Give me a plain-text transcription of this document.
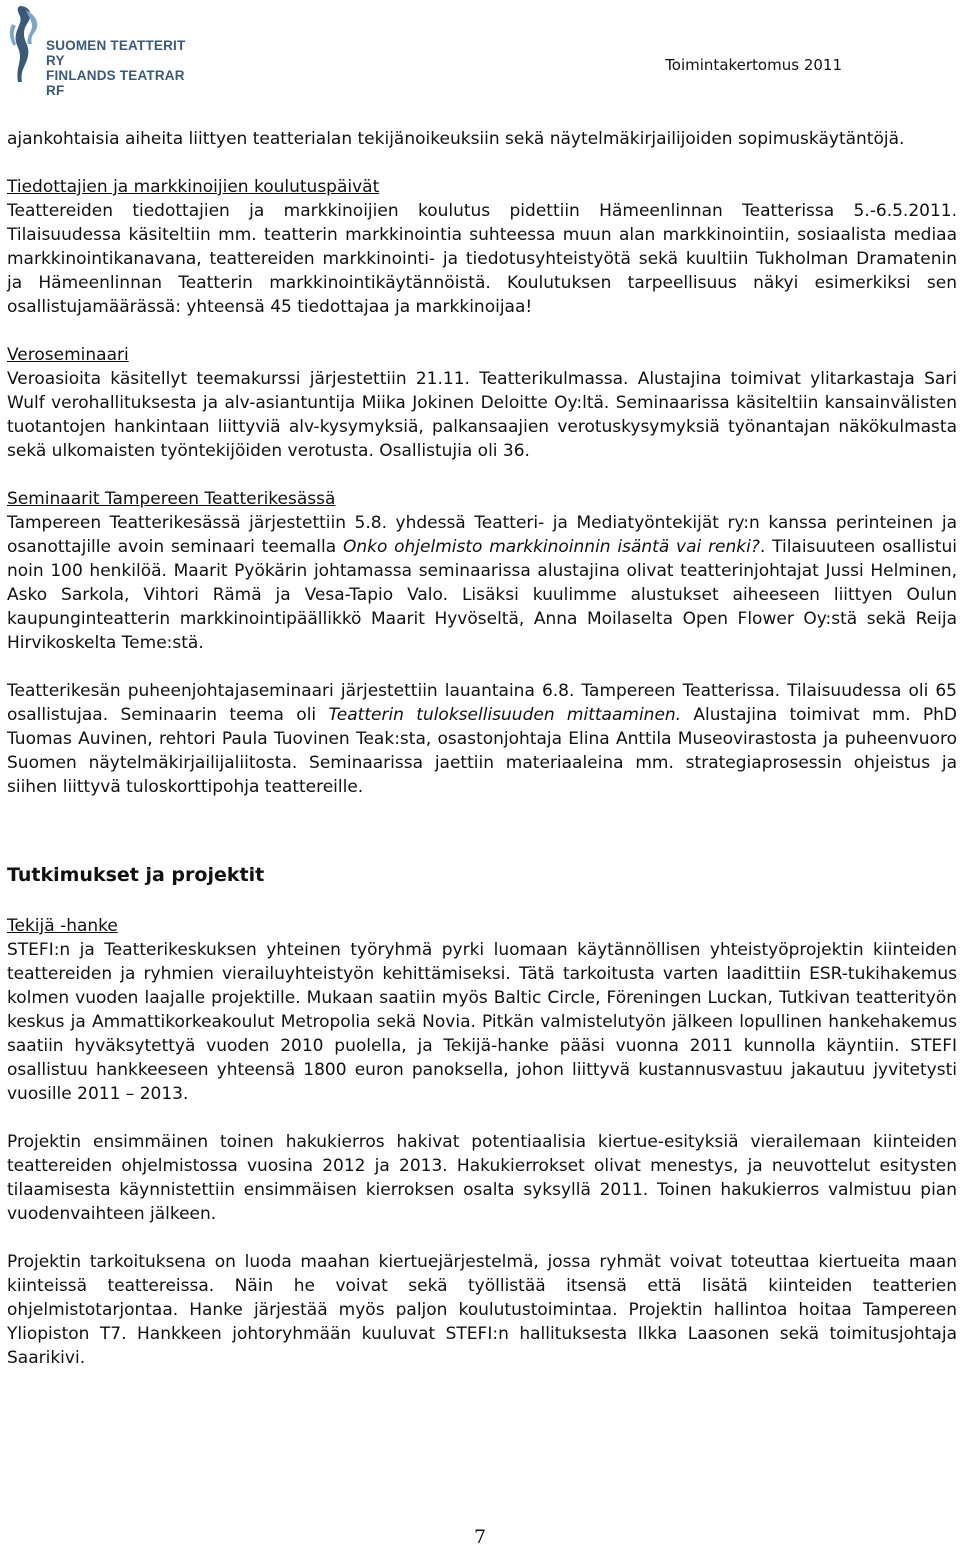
SUOMEN TEATTERIT RY
FINLANDS TEATRAR RF
Toimintakertomus 2011

ajankohtaisia aiheita liittyen teatterialan tekijänoikeuksiin sekä näytelmäkirjailijoiden sopimuskäytäntöjä.

Tiedottajien ja markkinoijien koulutuspäivät

Teattereiden tiedottajien ja markkinoijien koulutus pidettiin Hämeenlinnan Teatterissa 5.-6.5.2011. Tilaisuudessa käsiteltiin mm. teatterin markkinointia suhteessa muun alan markkinointiin, sosiaalista mediaa markkinointikanavana, teattereiden markkinointi- ja tiedotusyhteistyötä sekä kuultiin Tukholman Dramatenin ja Hämeenlinnan Teatterin markkinointikäytännöistä. Koulutuksen tarpeellisuus näkyi esimerkiksi sen osallistujamäärässä: yhteensä 45 tiedottajaa ja markkinoijaa!

Veroseminaari

Veroasioita käsitellyt teemakurssi järjestettiin 21.11. Teatterikulmassa. Alustajina toimivat ylitarkastaja Sari Wulf verohallituksesta ja alv-asiantuntija Miika Jokinen Deloitte Oy:ltä. Seminaarissa käsiteltiin kansainvälisten tuotantojen hankintaan liittyviä alv-kysymyksiä, palkansaajien verotuskysymyksiä työnantajan näkökulmasta sekä ulkomaisten työntekijöiden verotusta. Osallistujia oli 36.

Seminaarit Tampereen Teatterikesässä

Tampereen Teatterikesässä järjestettiin 5.8. yhdessä Teatteri- ja Mediatyöntekijät ry:n kanssa perinteinen ja osanottajille avoin seminaari teemalla Onko ohjelmisto markkinoinnin isäntä vai renki?. Tilaisuuteen osallistui noin 100 henkilöä. Maarit Pyökärin johtamassa seminaarissa alustajina olivat teatterinjohtajat Jussi Helminen, Asko Sarkola, Vihtori Rämä ja Vesa-Tapio Valo. Lisäksi kuulimme alustukset aiheeseen liittyen Oulun kaupunginteatterin markkinointipäällikkö Maarit Hyvöseltä, Anna Moilaselta Open Flower Oy:stä sekä Reija Hirvikoskelta Teme:stä.

Teatterikesän puheenjohtajaseminaari järjestettiin lauantaina 6.8. Tampereen Teatterissa. Tilaisuudessa oli 65 osallistujaa. Seminaarin teema oli Teatterin tuloksellisuuden mittaaminen. Alustajina toimivat mm. PhD Tuomas Auvinen, rehtori Paula Tuovinen Teak:sta, osastonjohtaja Elina Anttila Museovirastosta ja puheenvuoro Suomen näytelmäkirjailijaliitosta. Seminaarissa jaettiin materiaaleina mm. strategiaprosessin ohjeistus ja siihen liittyvä tuloskorttipohja teattereille.

Tutkimukset ja projektit

Tekijä -hanke

STEFI:n ja Teatterikeskuksen yhteinen työryhmä pyrki luomaan käytännöllisen yhteistyöprojektin kiinteiden teattereiden ja ryhmien vierailuyhteistyön kehittämiseksi. Tätä tarkoitusta varten laadittiin ESR-tukihakemus kolmen vuoden laajalle projektille. Mukaan saatiin myös Baltic Circle, Föreningen Luckan, Tutkivan teatterityön keskus ja Ammattikorkeakoulut Metropolia sekä Novia. Pitkän valmistelutyön jälkeen lopullinen hankehakemus saatiin hyväksytettyä vuoden 2010 puolella, ja Tekijä-hanke pääsi vuonna 2011 kunnolla käyntiin. STEFI osallistuu hankkeeseen yhteensä 1800 euron panoksella, johon liittyvä kustannusvastuu jakautuu jyvitetysti vuosille 2011 – 2013.

Projektin ensimmäinen toinen hakukierros hakivat potentiaalisia kiertue-esityksiä vierailemaan kiinteiden teattereiden ohjelmistossa vuosina 2012 ja 2013. Hakukierrokset olivat menestys, ja neuvottelut esitysten tilaamisesta käynnistettiin ensimmäisen kierroksen osalta syksyllä 2011. Toinen hakukierros valmistuu pian vuodenvaihteen jälkeen.

Projektin tarkoituksena on luoda maahan kiertuejärjestelmä, jossa ryhmät voivat toteuttaa kiertueita maan kiinteissä teattereissa. Näin he voivat sekä työllistää itsensä että lisätä kiinteiden teatterien ohjelmistotarjontaa. Hanke järjestää myös paljon koulutustoimintaa. Projektin hallintoa hoitaa Tampereen Yliopiston T7. Hankkeen johtoryhmään kuuluvat STEFI:n hallituksesta Ilkka Laasonen sekä toimitusjohtaja Saarikivi.

7
